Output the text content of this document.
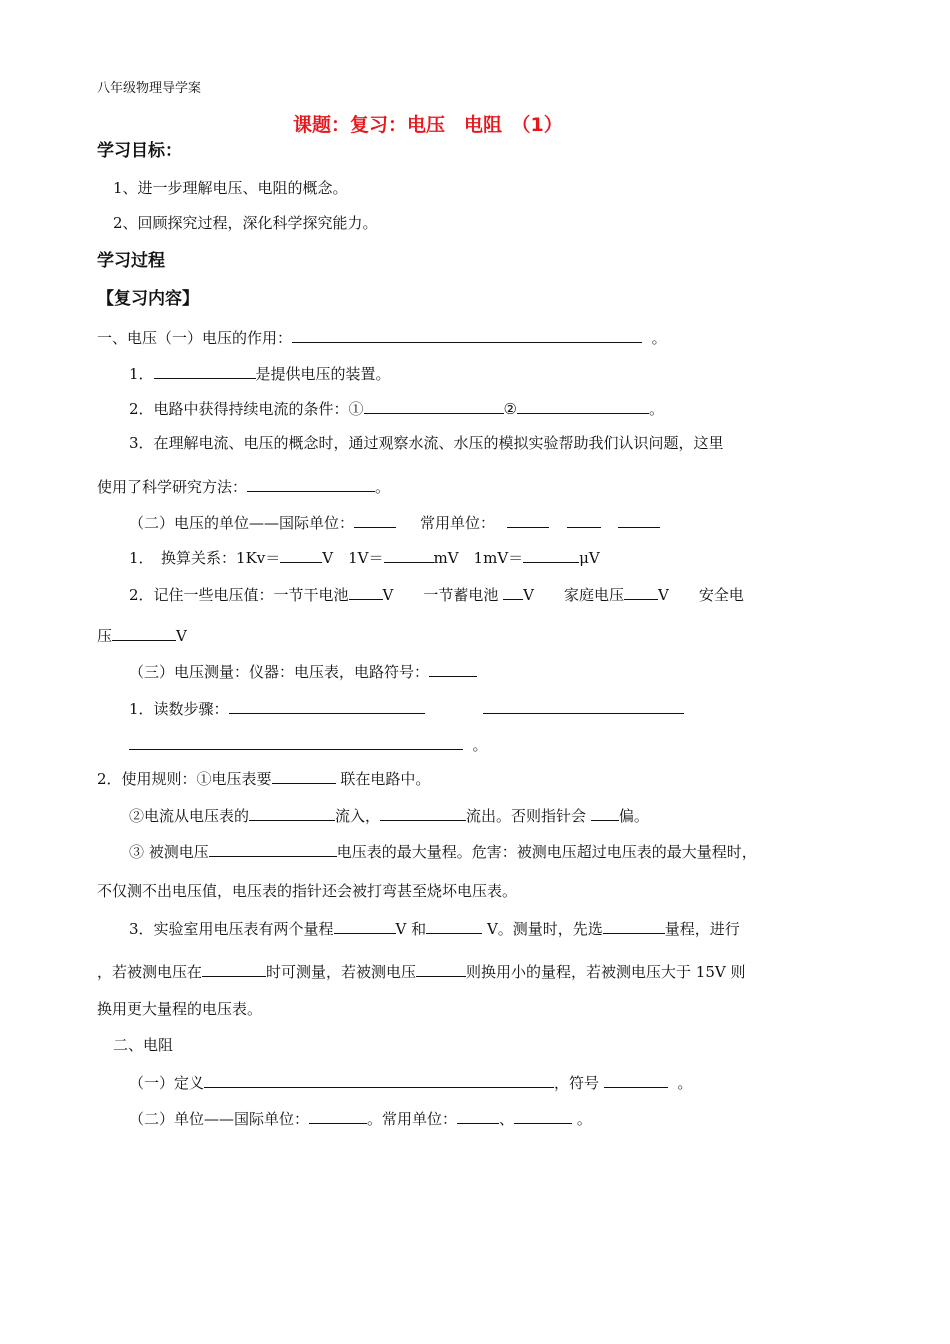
八年级物理导学案
课题：复习：电压　电阻　（1）
学习目标：
1、进一步理解电压、电阻的概念。
2、回顾探究过程，深化科学探究能力。
学习过程
【复习内容】
一、电压（一）电压的作用：	。
1．	是提供电压的装置。
2．电路中获得持续电流的条件：①	②	。
3．在理解电流、电压的概念时，通过观察水流、水压的模拟实验帮助我们认识问题，这里
使用了科学研究方法：	。
（二）电压的单位——国际单位：	常用单位：
1．　换算关系：1Kv＝	V　1V＝	mV　1mV＝	μV
2．记住一些电压值：一节干电池 V　　一节蓄电池 V　　家庭电压 V　　安全电
压	V
（三）电压测量：仪器：电压表，电路符号：
1．读数步骤：
。
2．使用规则：①电压表要	联在电路中。
②电流从电压表的	流入，	流出。否则指针会 偏。
③ 被测电压	电压表的最大量程。危害：被测电压超过电压表的最大量程时，
不仅测不出电压值，电压表的指针还会被打弯甚至烧坏电压表。
3．实验室用电压表有两个量程	V 和	V。测量时，先选	量程，进行
，若被测电压在	时可测量，若被测电压	则换用小的量程，若被测电压大于 15V 则
换用更大量程的电压表。
二、电阻
（一）定义	，符号	。
（二）单位——国际单位：	。常用单位：	、	。
